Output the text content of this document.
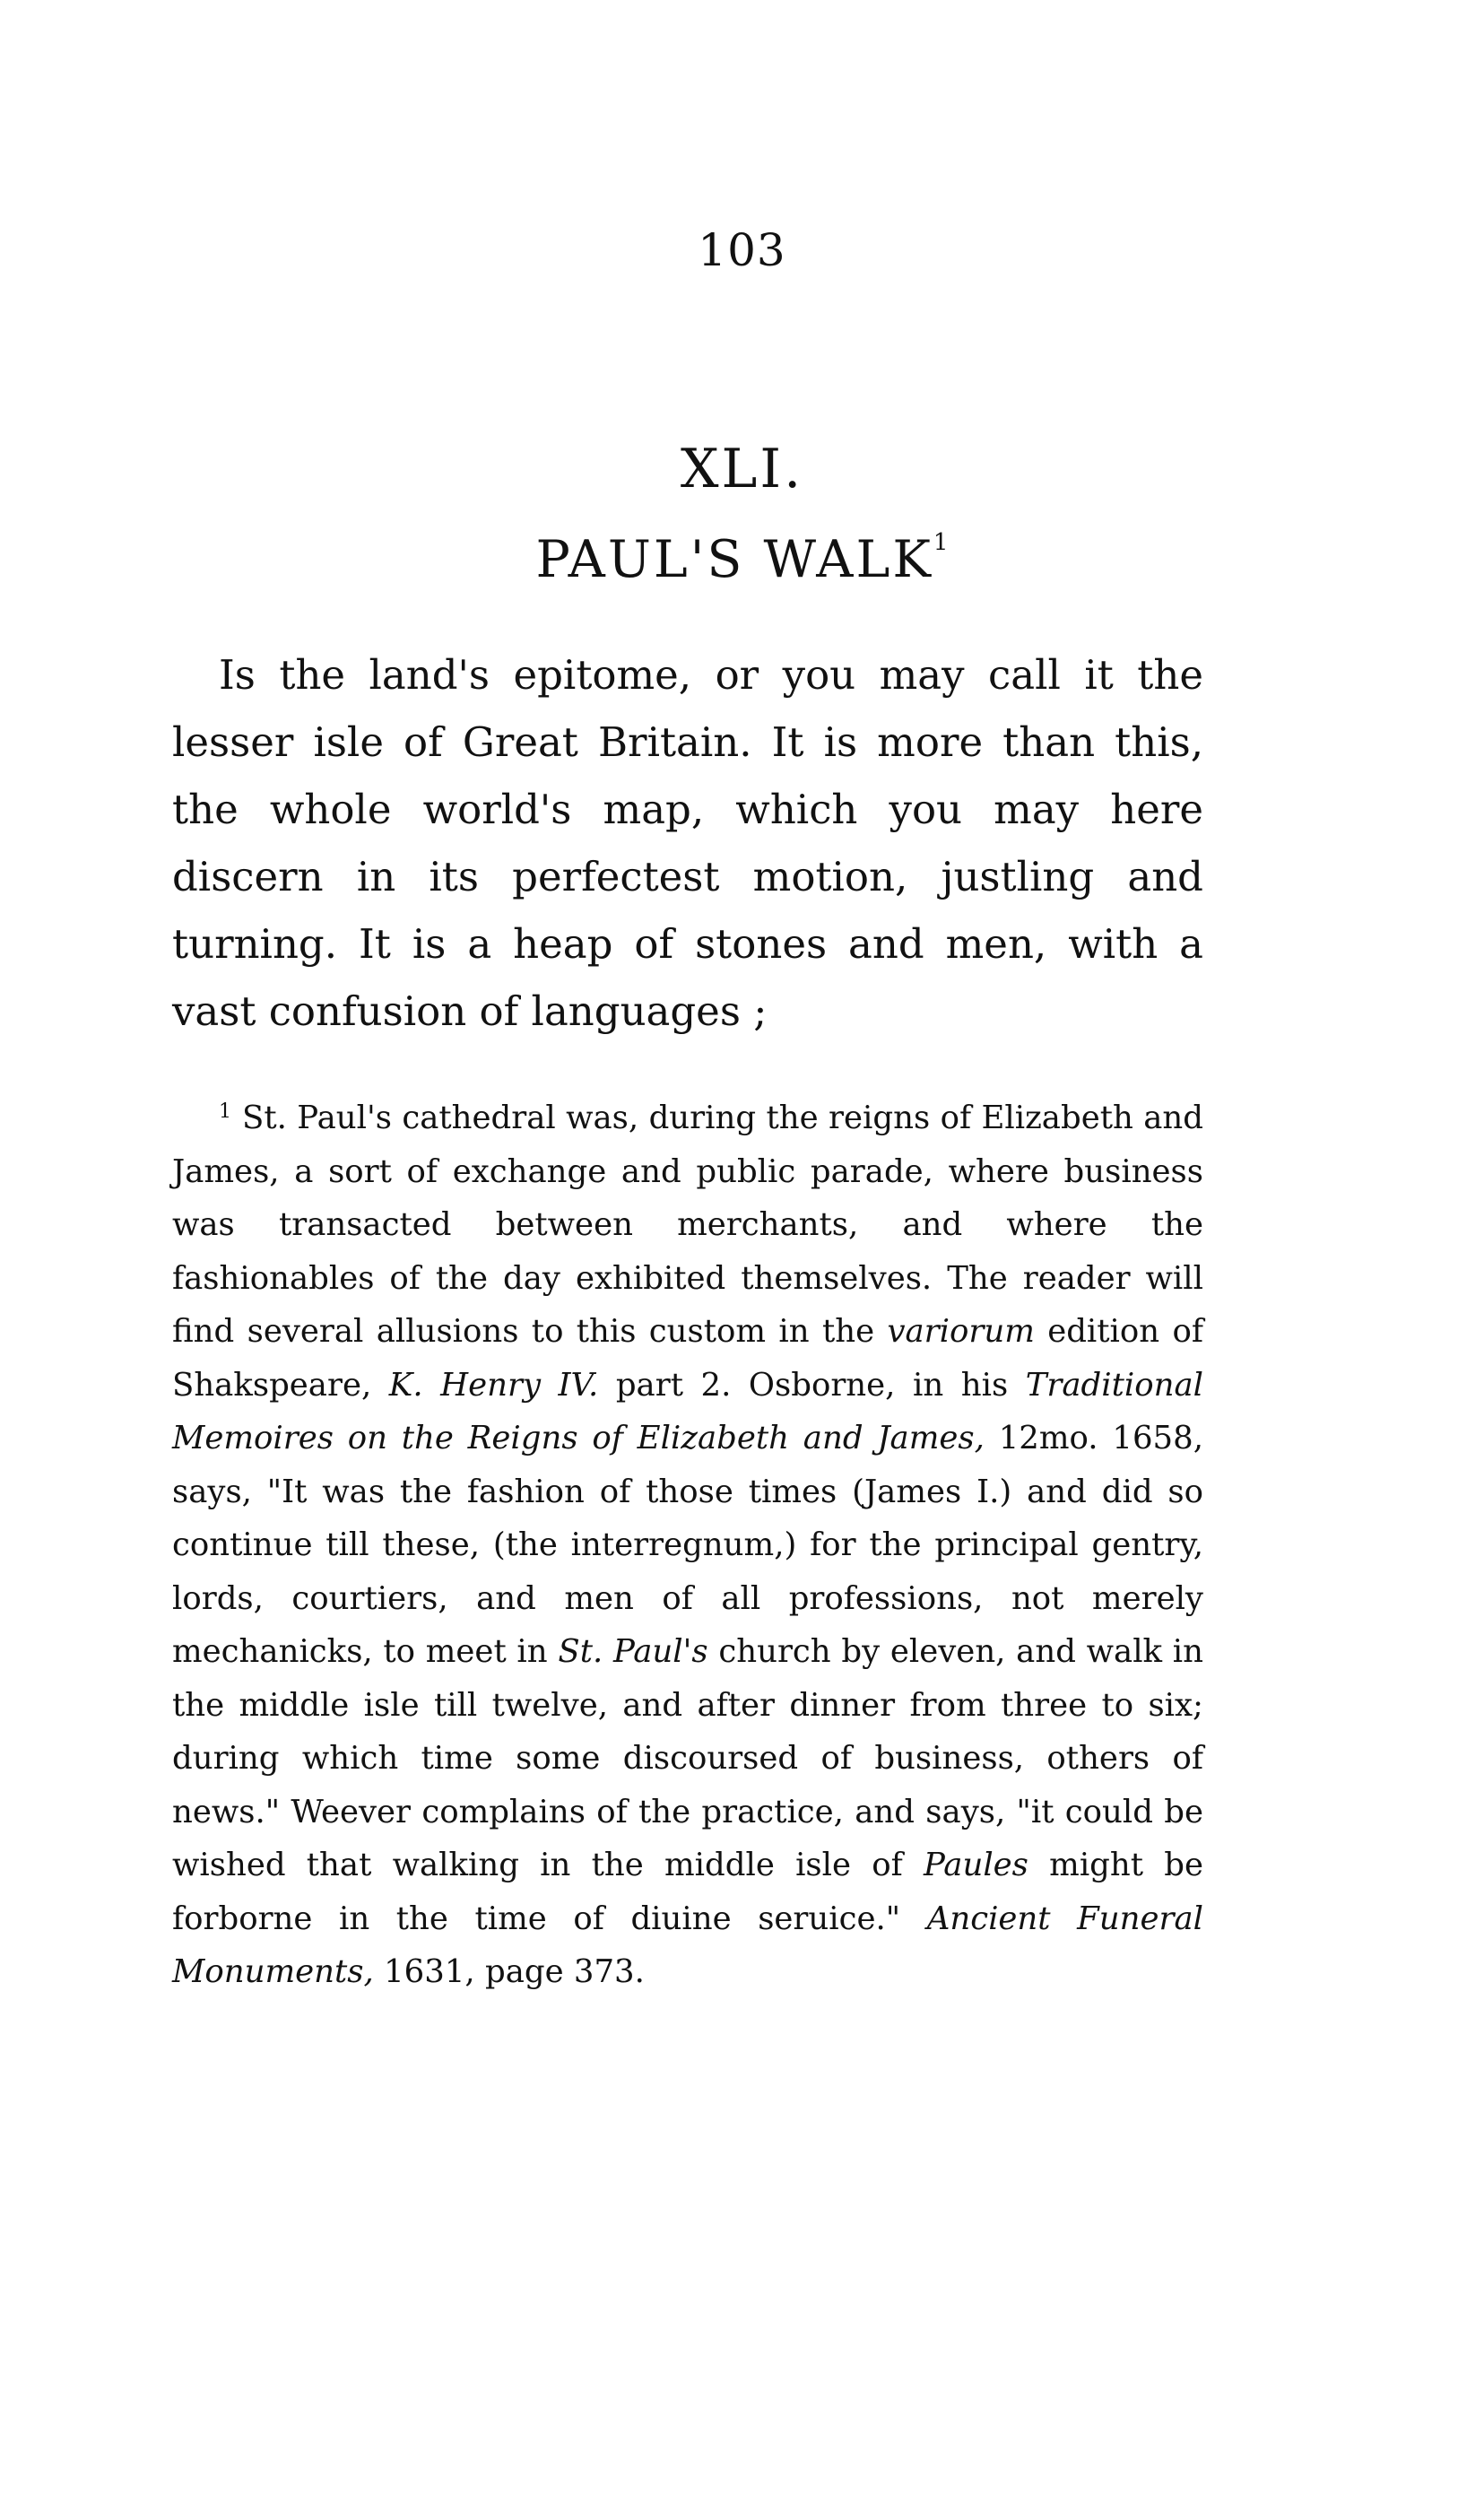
103
XLI.
PAUL'S WALK$^1$

Is the land's epitome, or you may call it the lesser isle of Great Britain. It is more than this, the whole world's map, which you may here discern in its perfectest motion, justling and turning. It is a heap of stones and men, with a vast confusion of languages ;

$^1$ St. Paul's cathedral was, during the reigns of Elizabeth and James, a sort of exchange and public parade, where business was transacted between merchants, and where the fashionables of the day exhibited themselves. The reader will find several allusions to this custom in the variorum edition of Shakspeare, K. Henry IV. part 2. Osborne, in his Traditional Memoires on the Reigns of Elizabeth and James, 12mo. 1658, says, "It was the fashion of those times (James I.) and did so continue till these, (the interregnum,) for the principal gentry, lords, courtiers, and men of all professions, not merely mechanicks, to meet in St. Paul's church by eleven, and walk in the middle isle till twelve, and after dinner from three to six; during which time some discoursed of business, others of news." Weever complains of the practice, and says, "it could be wished that walking in the middle isle of Paules might be forborne in the time of diuine seruice." Ancient Funeral Monuments, 1631, page 373.
